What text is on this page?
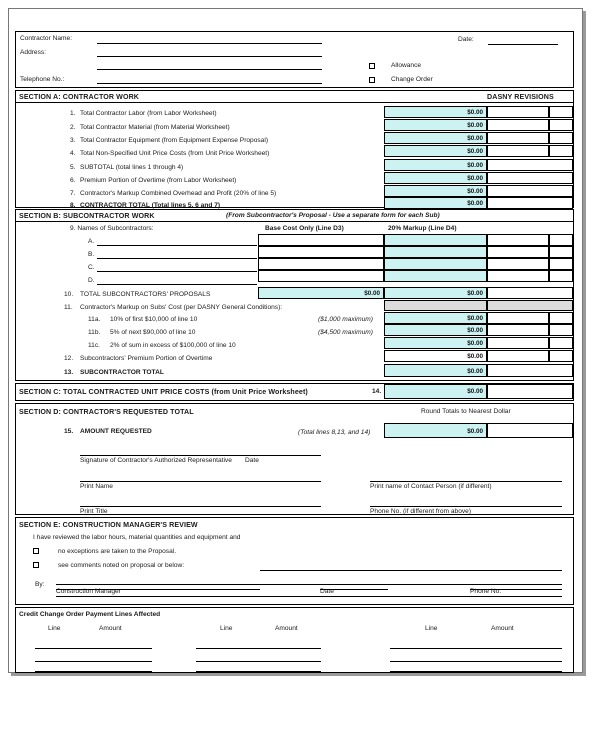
Contractor Name:
Address:
Telephone No.:
Date:
Allowance
Change Order
SECTION A: CONTRACTOR WORK	DASNY REVISIONS
1. Total Contractor Labor (from Labor Worksheet)	$0.00
2. Total Contractor Material (from Material Worksheet)	$0.00
3. Total Contractor Equipment (from Equipment Expense Proposal)	$0.00
4. Total Non-Specified Unit Price Costs (from Unit Price Worksheet)	$0.00
5. SUBTOTAL (total lines 1 through 4)	$0.00
6. Premium Portion of Overtime (from Labor Worksheet)	$0.00
7. Contractor's Markup Combined Overhead and Profit (20% of line 5)	$0.00
8. CONTRACTOR TOTAL (Total lines 5, 6 and 7)	$0.00
SECTION B: SUBCONTRACTOR WORK	(From Subcontractor's Proposal - Use a separate form for each Sub)
9. Names of Subcontractors:	Base Cost Only (Line D3)	20% Markup (Line D4)
A.
B.
C.
D.
10. TOTAL SUBCONTRACTORS' PROPOSALS	$0.00	$0.00
11. Contractor's Markup on Subs' Cost (per DASNY General Conditions):
11a. 10% of first $10,000 of line 10	($1,000 maximum)	$0.00
11b. 5% of next $90,000 of line 10	($4,500 maximum)	$0.00
11c. 2% of sum in excess of $100,000 of line 10	$0.00
12. Subcontractors' Premium Portion of Overtime	$0.00
13. SUBCONTRACTOR TOTAL	$0.00
SECTION C: TOTAL CONTRACTED UNIT PRICE COSTS (from Unit Price Worksheet)	14.	$0.00
SECTION D: CONTRACTOR'S REQUESTED TOTAL	Round Totals to Nearest Dollar
15. AMOUNT REQUESTED	(Total lines 8,13, and 14)	$0.00
Signature of Contractor's Authorized Representative Date
Print Name	Print name of Contact Person (if different)
Print Title	Phone No. (if different from above)
SECTION E: CONSTRUCTION MANAGER'S REVIEW
I have reviewed the labor hours, material quantities and equipment and
no exceptions are taken to the Proposal.
see comments noted on proposal or below:
By:
Construction Manager	Date	Phone No.
Credit Change Order Payment Lines Affected
Line	Amount	Line	Amount	Line	Amount
